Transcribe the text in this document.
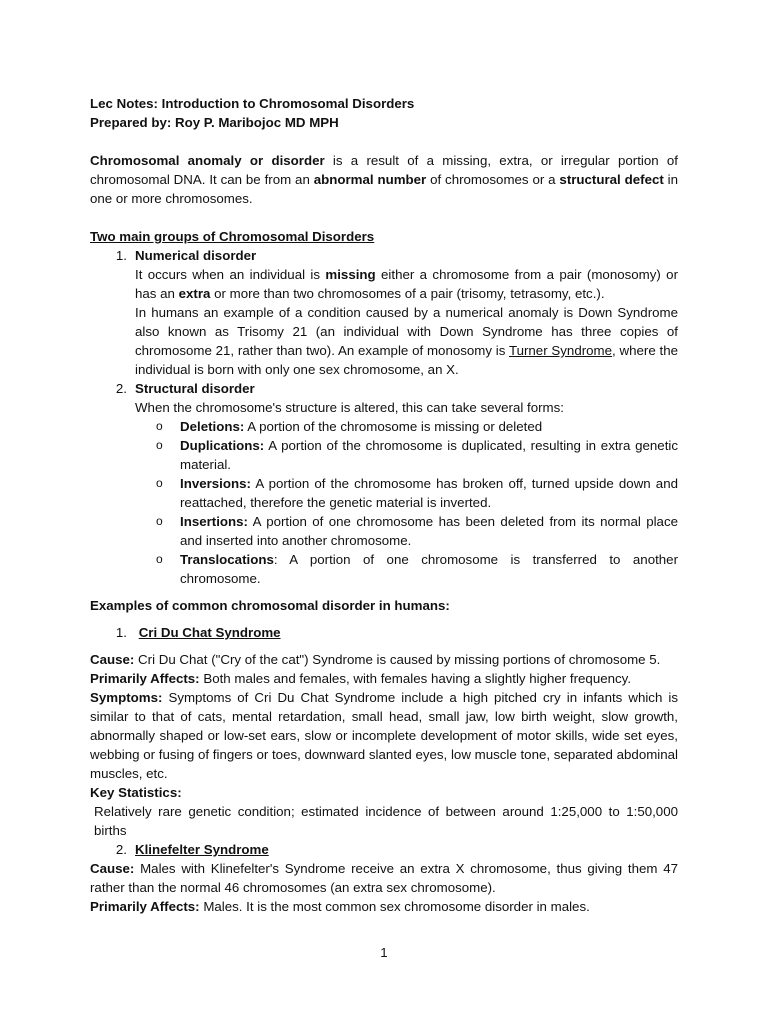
Lec Notes: Introduction to Chromosomal Disorders

Prepared by: Roy P. Maribojoc MD MPH

Chromosomal anomaly or disorder is a result of a missing, extra, or irregular portion of chromosomal DNA. It can be from an abnormal number of chromosomes or a structural defect in one or more chromosomes.

Two main groups of Chromosomal Disorders

1. Numerical disorder

It occurs when an individual is missing either a chromosome from a pair (monosomy) or has an extra or more than two chromosomes of a pair (trisomy, tetrasomy, etc.).

In humans an example of a condition caused by a numerical anomaly is Down Syndrome also known as Trisomy 21 (an individual with Down Syndrome has three copies of chromosome 21, rather than two). An example of monosomy is Turner Syndrome, where the individual is born with only one sex chromosome, an X.

2. Structural disorder

When the chromosome's structure is altered, this can take several forms:

o Deletions: A portion of the chromosome is missing or deleted
o Duplications: A portion of the chromosome is duplicated, resulting in extra genetic material.
o Inversions: A portion of the chromosome has broken off, turned upside down and reattached, therefore the genetic material is inverted.
o Insertions: A portion of one chromosome has been deleted from its normal place and inserted into another chromosome.
o Translocations: A portion of one chromosome is transferred to another chromosome.

Examples of common chromosomal disorder in humans:

1. Cri Du Chat Syndrome

Cause: Cri Du Chat ("Cry of the cat") Syndrome is caused by missing portions of chromosome 5.

Primarily Affects: Both males and females, with females having a slightly higher frequency.

Symptoms: Symptoms of Cri Du Chat Syndrome include a high pitched cry in infants which is similar to that of cats, mental retardation, small head, small jaw, low birth weight, slow growth, abnormally shaped or low-set ears, slow or incomplete development of motor skills, wide set eyes, webbing or fusing of fingers or toes, downward slanted eyes, low muscle tone, separated abdominal muscles, etc.

Key Statistics:

Relatively rare genetic condition; estimated incidence of between around 1:25,000 to 1:50,000 births

2. Klinefelter Syndrome

Cause: Males with Klinefelter's Syndrome receive an extra X chromosome, thus giving them 47 rather than the normal 46 chromosomes (an extra sex chromosome).

Primarily Affects: Males. It is the most common sex chromosome disorder in males.

1
